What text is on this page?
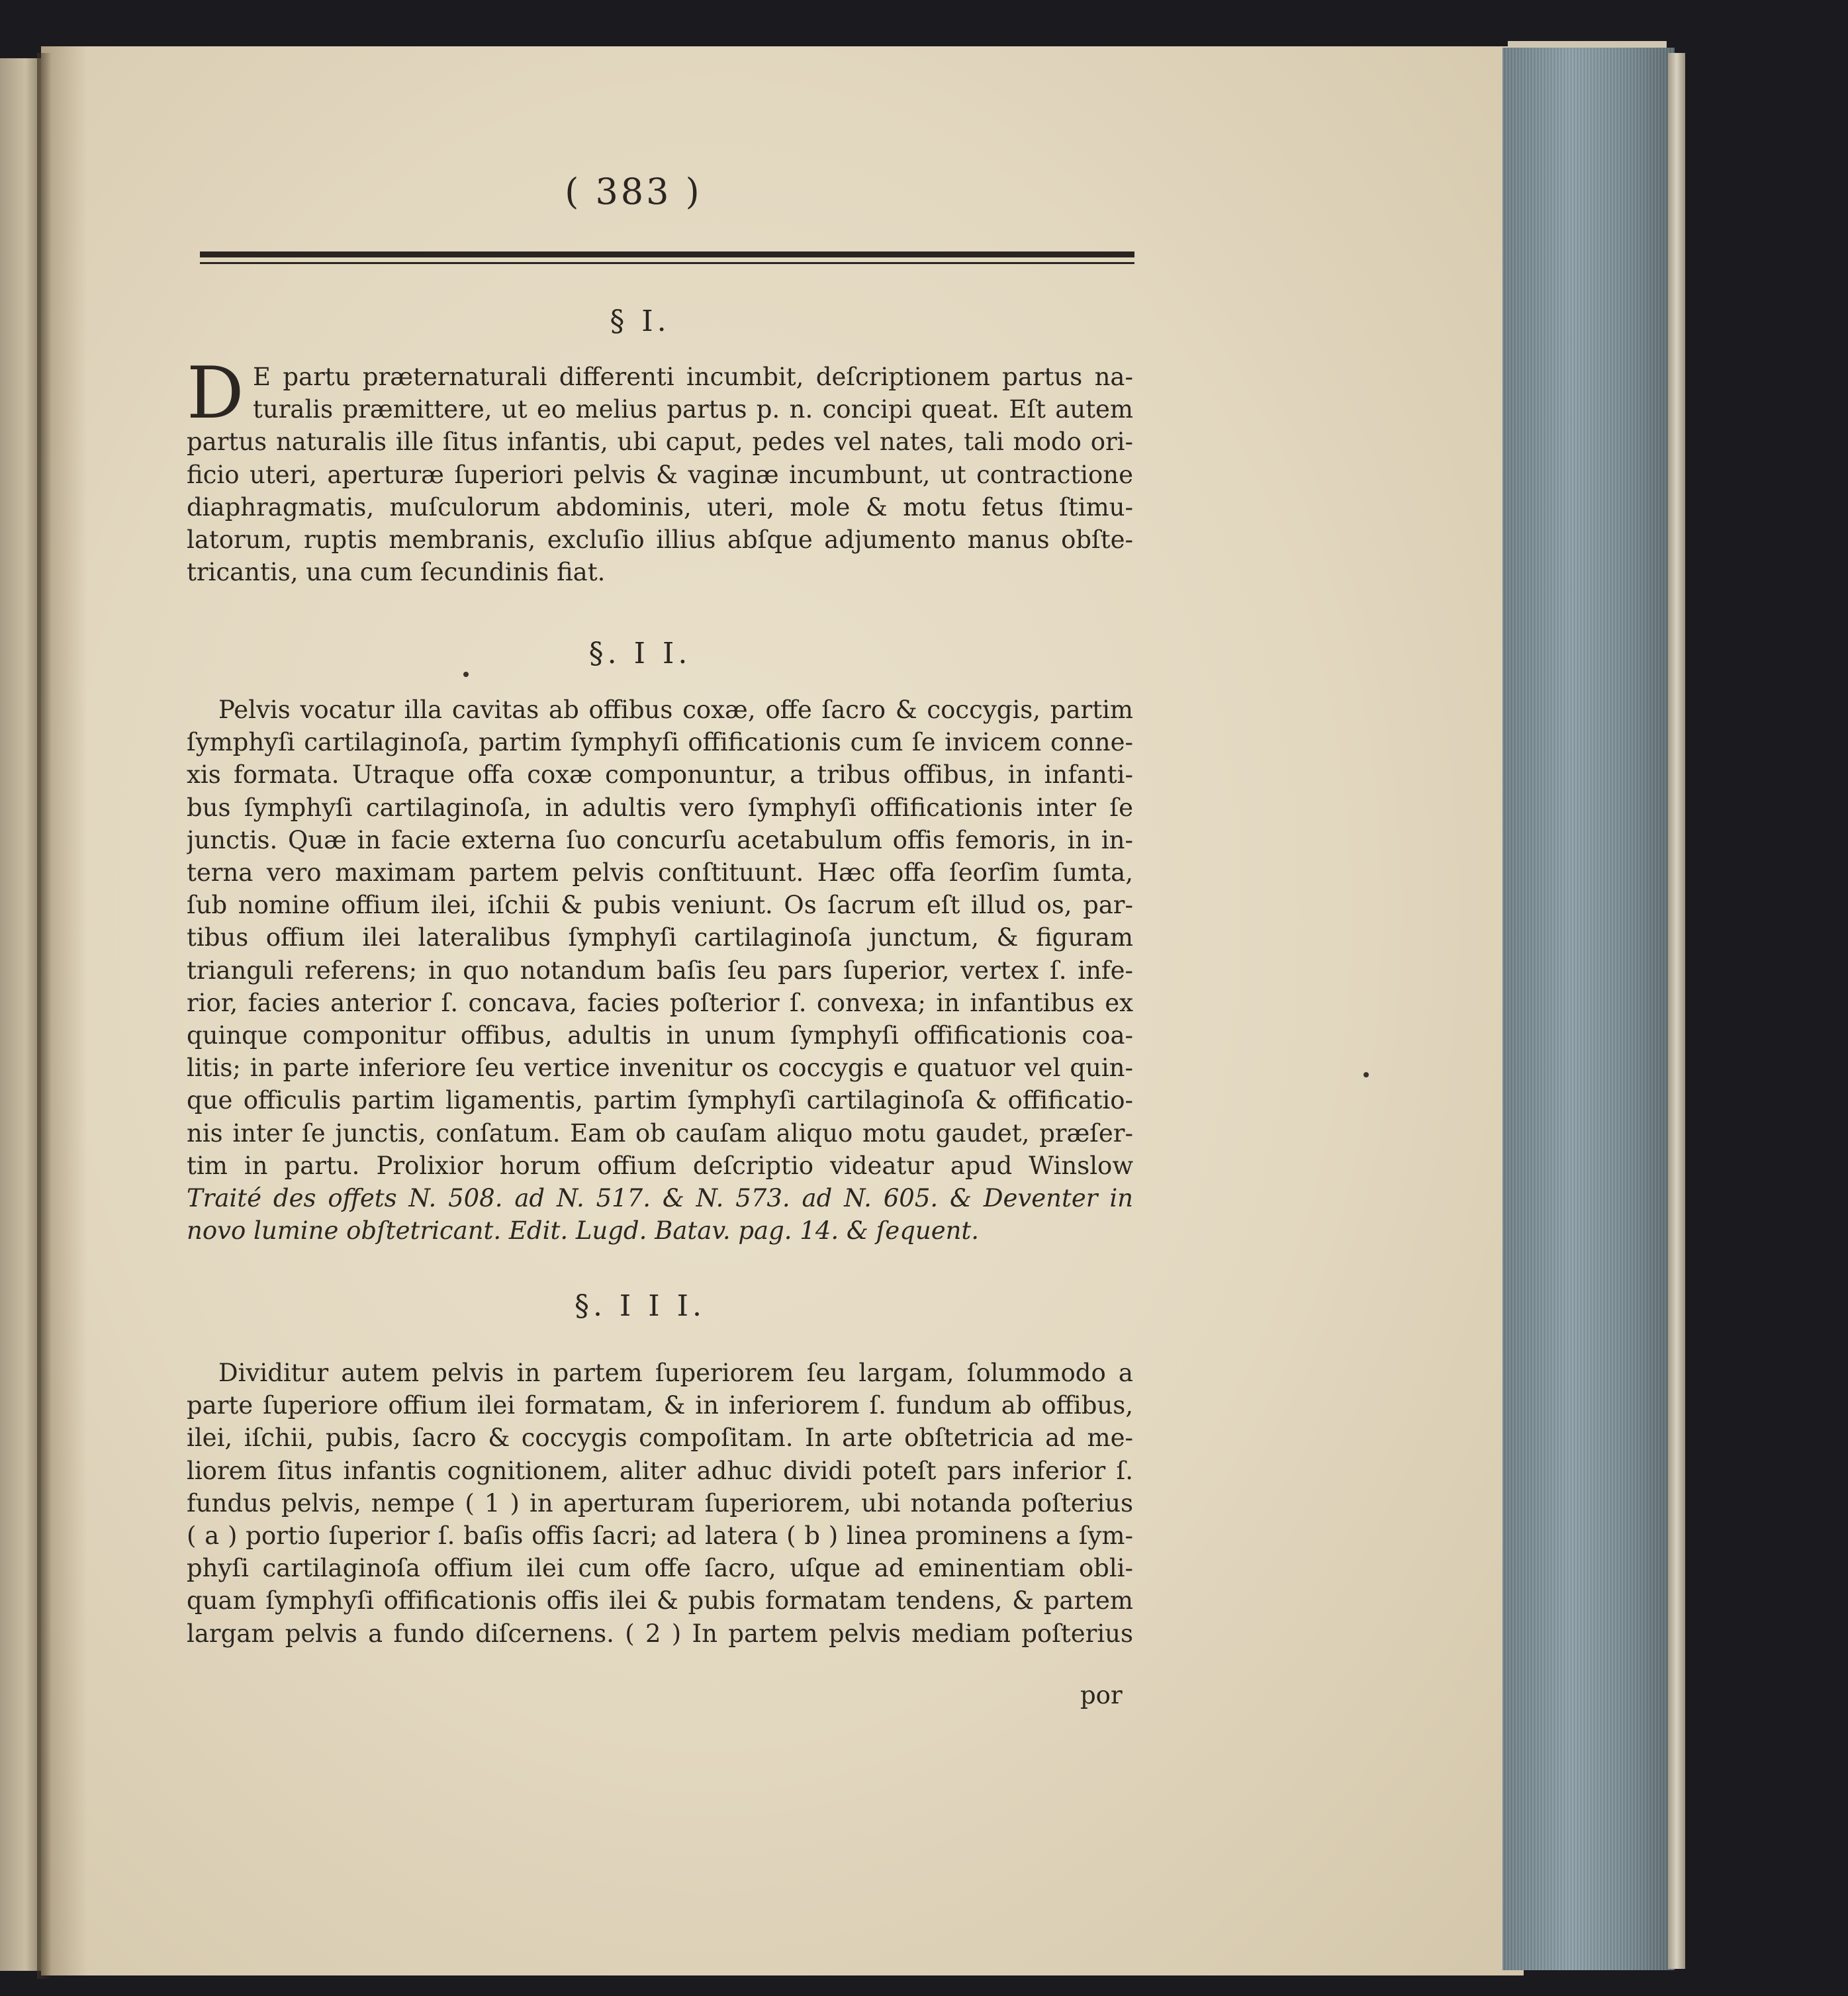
( 383 )
§ I.
D E partu præternaturali differenti incumbit, deſcriptionem partus na-
turalis præmittere, ut eo melius partus p. n. concipi queat. Eſt autem
partus naturalis ille ſitus infantis, ubi caput, pedes vel nates, tali modo ori-
ficio uteri, aperturæ ſuperiori pelvis & vaginæ incumbunt, ut contractione
diaphragmatis, muſculorum abdominis, uteri, mole & motu fetus ſtimu-
latorum, ruptis membranis, excluſio illius abſque adjumento manus obſte-
tricantis, una cum ſecundinis fiat.
§. I I.
Pelvis vocatur illa cavitas ab offibus coxæ, offe ſacro & coccygis, partim
ſymphyſi cartilaginoſa, partim ſymphyſi offificationis cum ſe invicem conne-
xis formata. Utraque offa coxæ componuntur, a tribus offibus, in infanti-
bus ſymphyſi cartilaginoſa, in adultis vero ſymphyſi offificationis inter ſe
junctis. Quæ in facie externa ſuo concurſu acetabulum offis femoris, in in-
terna vero maximam partem pelvis conſtituunt. Hæc offa ſeorſim ſumta,
ſub nomine offium ilei, iſchii & pubis veniunt. Os ſacrum eſt illud os, par-
tibus offium ilei lateralibus ſymphyſi cartilaginoſa junctum, & figuram
trianguli referens; in quo notandum baſis ſeu pars ſuperior, vertex ſ. infe-
rior, facies anterior ſ. concava, facies poſterior ſ. convexa; in infantibus ex
quinque componitur offibus, adultis in unum ſymphyſi offificationis coa-
litis; in parte inferiore ſeu vertice invenitur os coccygis e quatuor vel quin-
que officulis partim ligamentis, partim ſymphyſi cartilaginoſa & offificatio-
nis inter ſe junctis, conſatum. Eam ob cauſam aliquo motu gaudet, præſer-
tim in partu. Prolixior horum offium deſcriptio videatur apud Winslow
Traité des offets N. 508. ad N. 517. & N. 573. ad N. 605. & Deventer in
novo lumine obſtetricant. Edit. Lugd. Batav. pag. 14. & ſequent.
§. I I I.
Dividitur autem pelvis in partem ſuperiorem ſeu largam, ſolummodo a
parte ſuperiore offium ilei formatam, & in inferiorem ſ. fundum ab offibus,
ilei, iſchii, pubis, ſacro & coccygis compoſitam. In arte obſtetricia ad me-
liorem ſitus infantis cognitionem, aliter adhuc dividi poteſt pars inferior ſ.
fundus pelvis, nempe ( 1 ) in aperturam ſuperiorem, ubi notanda poſterius
( a ) portio ſuperior ſ. baſis offis ſacri; ad latera ( b ) linea prominens a ſym-
phyſi cartilaginoſa offium ilei cum offe ſacro, uſque ad eminentiam obli-
quam ſymphyſi offificationis offis ilei & pubis formatam tendens, & partem
largam pelvis a fundo diſcernens. ( 2 ) In partem pelvis mediam poſterius
por
